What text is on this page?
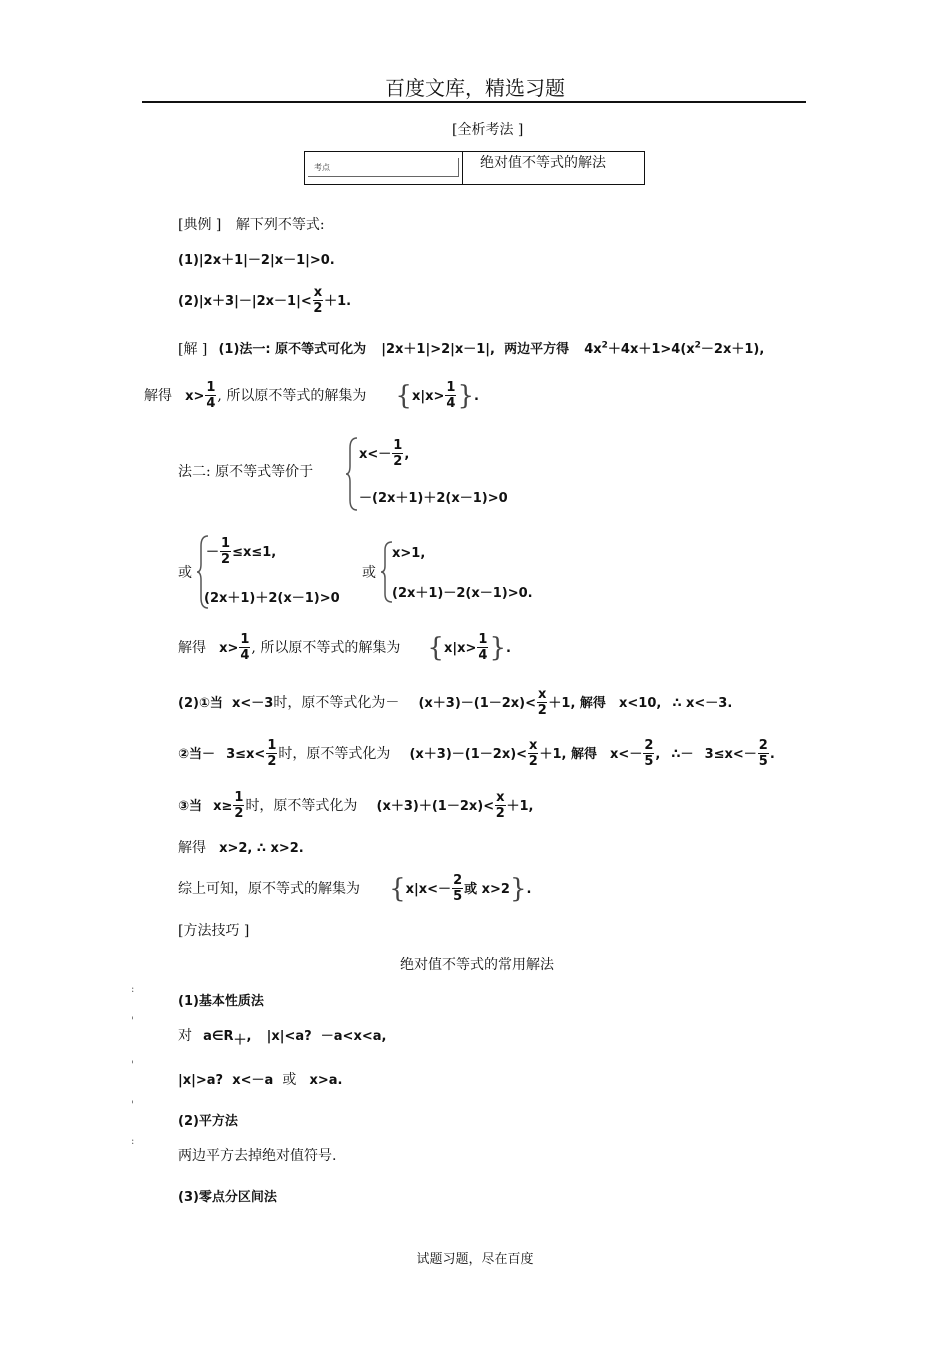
百度文库，精选习题
[全析考法 ]
考点	绝对值不等式的解法
[典例 ] 解下列不等式:
(1)|2x＋1|－2|x－1|>0.
$(2)|x+3|-|2x-1|< \frac{x}{2} +1$.
[解 ] (1)法一: 原不等式可化为 |2x＋1|>2|x－1|, 两边平方得 $4x^2+4x+1>4(x^2-2x+1)$,
解得 $x> \frac{1}{4}$ , 所以原不等式的解集为 {$x|x> \frac{1}{4}$ }.
法二: 原不等式等价于
$x<- \frac{1}{2}$ ,
－(2x＋1)＋2(x－1)>0
或
－ $\frac{1}{2} \le x\le 1$,
(2x＋1)＋2(x－1)>0
或
x>1,
(2x＋1)－2(x－1)>0.
解得 $x> \frac{1}{4}$ , 所以原不等式的解集为 {$x|x> \frac{1}{4}$ }.
(2)①当 x<－3时，原不等式化为－ $(x+3)-(1-2x)< \frac{x}{2} +1$, 解得 x<10, ∴ x<－3.
②当－ $3\le x< \frac{1}{2}$ 时，原不等式化为 $(x+3)-(1-2x)< \frac{x}{2} +1$, 解得 $x<- \frac{2}{5}$ , ∴－ $3\le x<- \frac{2}{5}$ .
③当 $x\ge \frac{1}{2}$ 时，原不等式化为 $(x+3)+(1-2x)< \frac{x}{2} +1$,
解得 x>2, ∴ x>2.
综上可知，原不等式的解集为 {$x|x<- \frac{2}{5}$ 或 x>2}.
[方法技巧 ]
绝对值不等式的常用解法
(1)基本性质法
对 $a\in R_+$, |x|<a? －a<x<a,
|x|>a? x<－a 或 x>a.
(2)平方法
两边平方去掉绝对值符号.
(3)零点分区间法
:
'
'
'
:
试题习题，尽在百度
